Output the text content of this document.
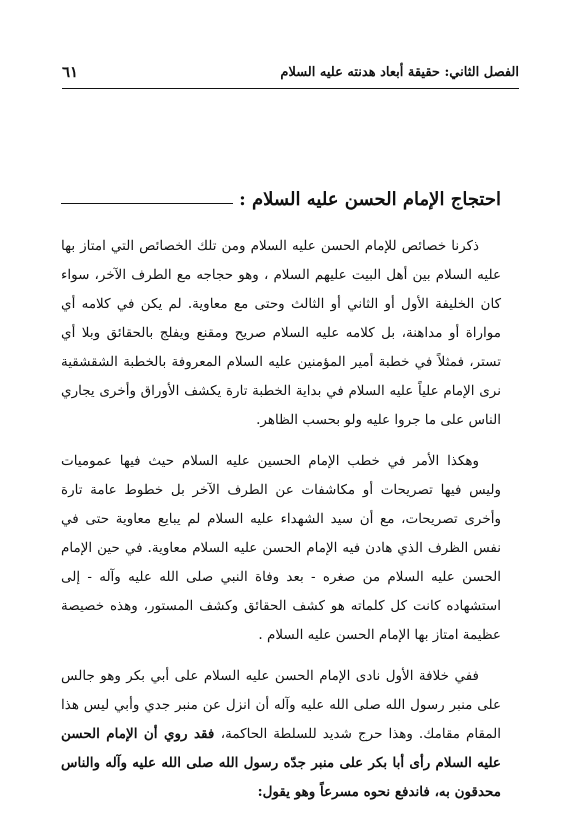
الفصل الثاني: حقيقة أبعاد هدنته عليه السلام
٦١
احتجاج الإمام الحسن عليه السلام :

ذكرنا خصائص للإمام الحسن عليه السلام ومن تلك الخصائص التي امتاز بها عليه السلام بين أهل البيت عليهم السلام ، وهو حجاجه مع الطرف الآخر، سواء كان الخليفة الأول أو الثاني أو الثالث وحتى مع معاوية. لم يكن في كلامه أي مواراة أو مداهنة، بل كلامه عليه السلام صريح ومقنع ويفلج بالحقائق وبلا أي تستر، فمثلاً في خطبة أمير المؤمنين عليه السلام المعروفة بالخطبة الشقشقية نرى الإمام علياً عليه السلام في بداية الخطبة تارة يكشف الأوراق وأخرى يجاري الناس على ما جروا عليه ولو بحسب الظاهر.

وهكذا الأمر في خطب الإمام الحسين عليه السلام حيث فيها عموميات وليس فيها تصريحات أو مكاشفات عن الطرف الآخر بل خطوط عامة تارة وأخرى تصريحات، مع أن سيد الشهداء عليه السلام لم يبايع معاوية حتى في نفس الظرف الذي هادن فيه الإمام الحسن عليه السلام معاوية. في حين الإمام الحسن عليه السلام من صغره - بعد وفاة النبي صلى الله عليه وآله - إلى استشهاده كانت كل كلماته هو كشف الحقائق وكشف المستور، وهذه خصيصة عظيمة امتاز بها الإمام الحسن عليه السلام .

ففي خلافة الأول نادى الإمام الحسن عليه السلام على أبي بكر وهو جالس على منبر رسول الله صلى الله عليه وآله أن انزل عن منبر جدي وأبي ليس هذا المقام مقامك. وهذا حرج شديد للسلطة الحاكمة، فقد روي أن الإمام الحسن عليه السلام رأى أبا بكر على منبر جدّه رسول الله صلى الله عليه وآله والناس محدقون به، فاندفع نحوه مسرعاً وهو يقول:
